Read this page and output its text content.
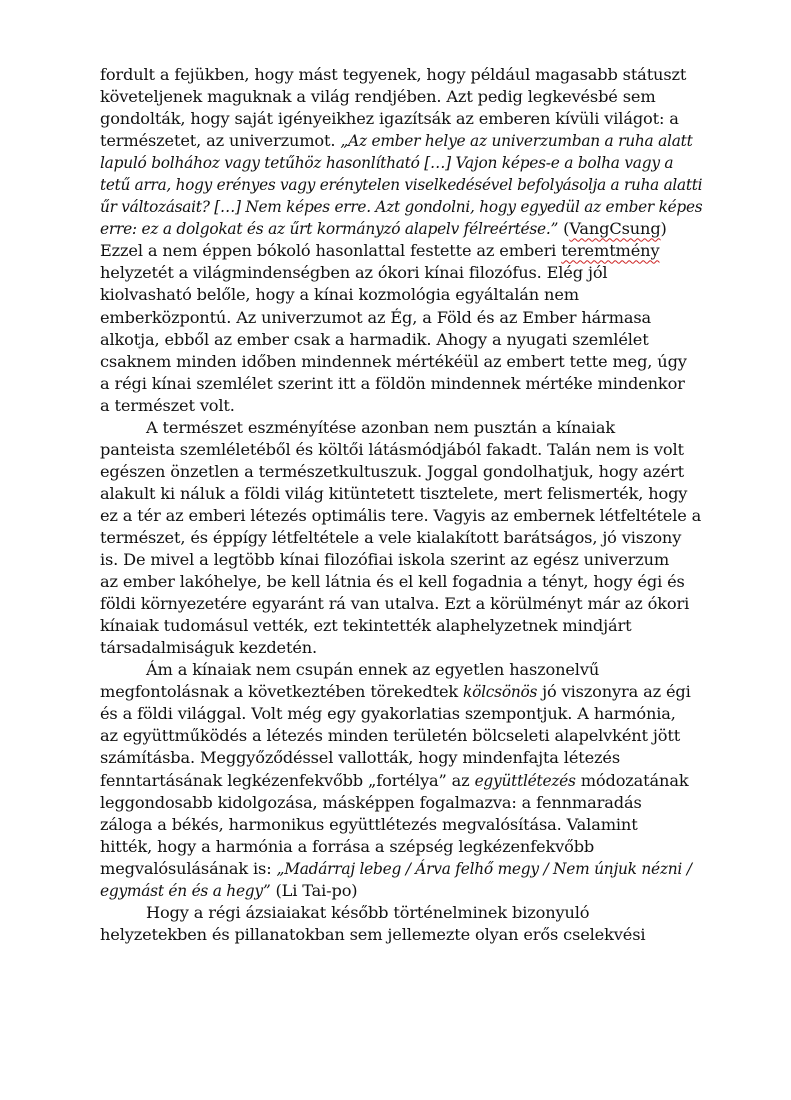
fordult a fejükben, hogy mást tegyenek, hogy például magasabb státuszt
követeljenek maguknak a világ rendjében. Azt pedig legkevésbé sem
gondolták, hogy saját igényeikhez igazítsák az emberen kívüli világot: a
természetet, az univerzumot. „Az ember helye az univerzumban a ruha alatt
lapuló bolhához vagy tetűhöz hasonlítható […] Vajon képes-e a bolha vagy a
tetű arra, hogy erényes vagy erénytelen viselkedésével befolyásolja a ruha alatti
űr változásait? […] Nem képes erre. Azt gondolni, hogy egyedül az ember képes
erre: ez a dolgokat és az űrt kormányzó alapelv félreértése.” (VangCsung)
Ezzel a nem éppen bókoló hasonlattal festette az emberi teremtmény
helyzetét a világmindenségben az ókori kínai filozófus. Elég jól
kiolvasható belőle, hogy a kínai kozmológia egyáltalán nem
emberközpontú. Az univerzumot az Ég, a Föld és az Ember hármasa
alkotja, ebből az ember csak a harmadik. Ahogy a nyugati szemlélet
csaknem minden időben mindennek mértékéül az embert tette meg, úgy
a régi kínai szemlélet szerint itt a földön mindennek mértéke mindenkor
a természet volt.
A természet eszményítése azonban nem pusztán a kínaiak
panteista szemléletéből és költői látásmódjából fakadt. Talán nem is volt
egészen önzetlen a természetkultuszuk. Joggal gondolhatjuk, hogy azért
alakult ki náluk a földi világ kitüntetett tisztelete, mert felismerték, hogy
ez a tér az emberi létezés optimális tere. Vagyis az embernek létfeltétele a
természet, és éppígy létfeltétele a vele kialakított barátságos, jó viszony
is. De mivel a legtöbb kínai filozófiai iskola szerint az egész univerzum
az ember lakóhelye, be kell látnia és el kell fogadnia a tényt, hogy égi és
földi környezetére egyaránt rá van utalva. Ezt a körülményt már az ókori
kínaiak tudomásul vették, ezt tekintették alaphelyzetnek mindjárt
társadalmiságuk kezdetén.
Ám a kínaiak nem csupán ennek az egyetlen haszonelvű
megfontolásnak a következtében törekedtek kölcsönös jó viszonyra az égi
és a földi világgal. Volt még egy gyakorlatias szempontjuk. A harmónia,
az együttműködés a létezés minden területén bölcseleti alapelvként jött
számításba. Meggyőződéssel vallották, hogy mindenfajta létezés
fenntartásának legkézenfekvőbb „fortélya” az együttlétezés módozatának
leggondosabb kidolgozása, másképpen fogalmazva: a fennmaradás
záloga a békés, harmonikus együttlétezés megvalósítása. Valamint
hitték, hogy a harmónia a forrása a szépség legkézenfekvőbb
megvalósulásának is: „Madárraj lebeg / Árva felhő megy / Nem únjuk nézni /
egymást én és a hegy” (Li Tai-po)
Hogy a régi ázsiaiakat később történelminek bizonyuló
helyzetekben és pillanatokban sem jellemezte olyan erős cselekvési
